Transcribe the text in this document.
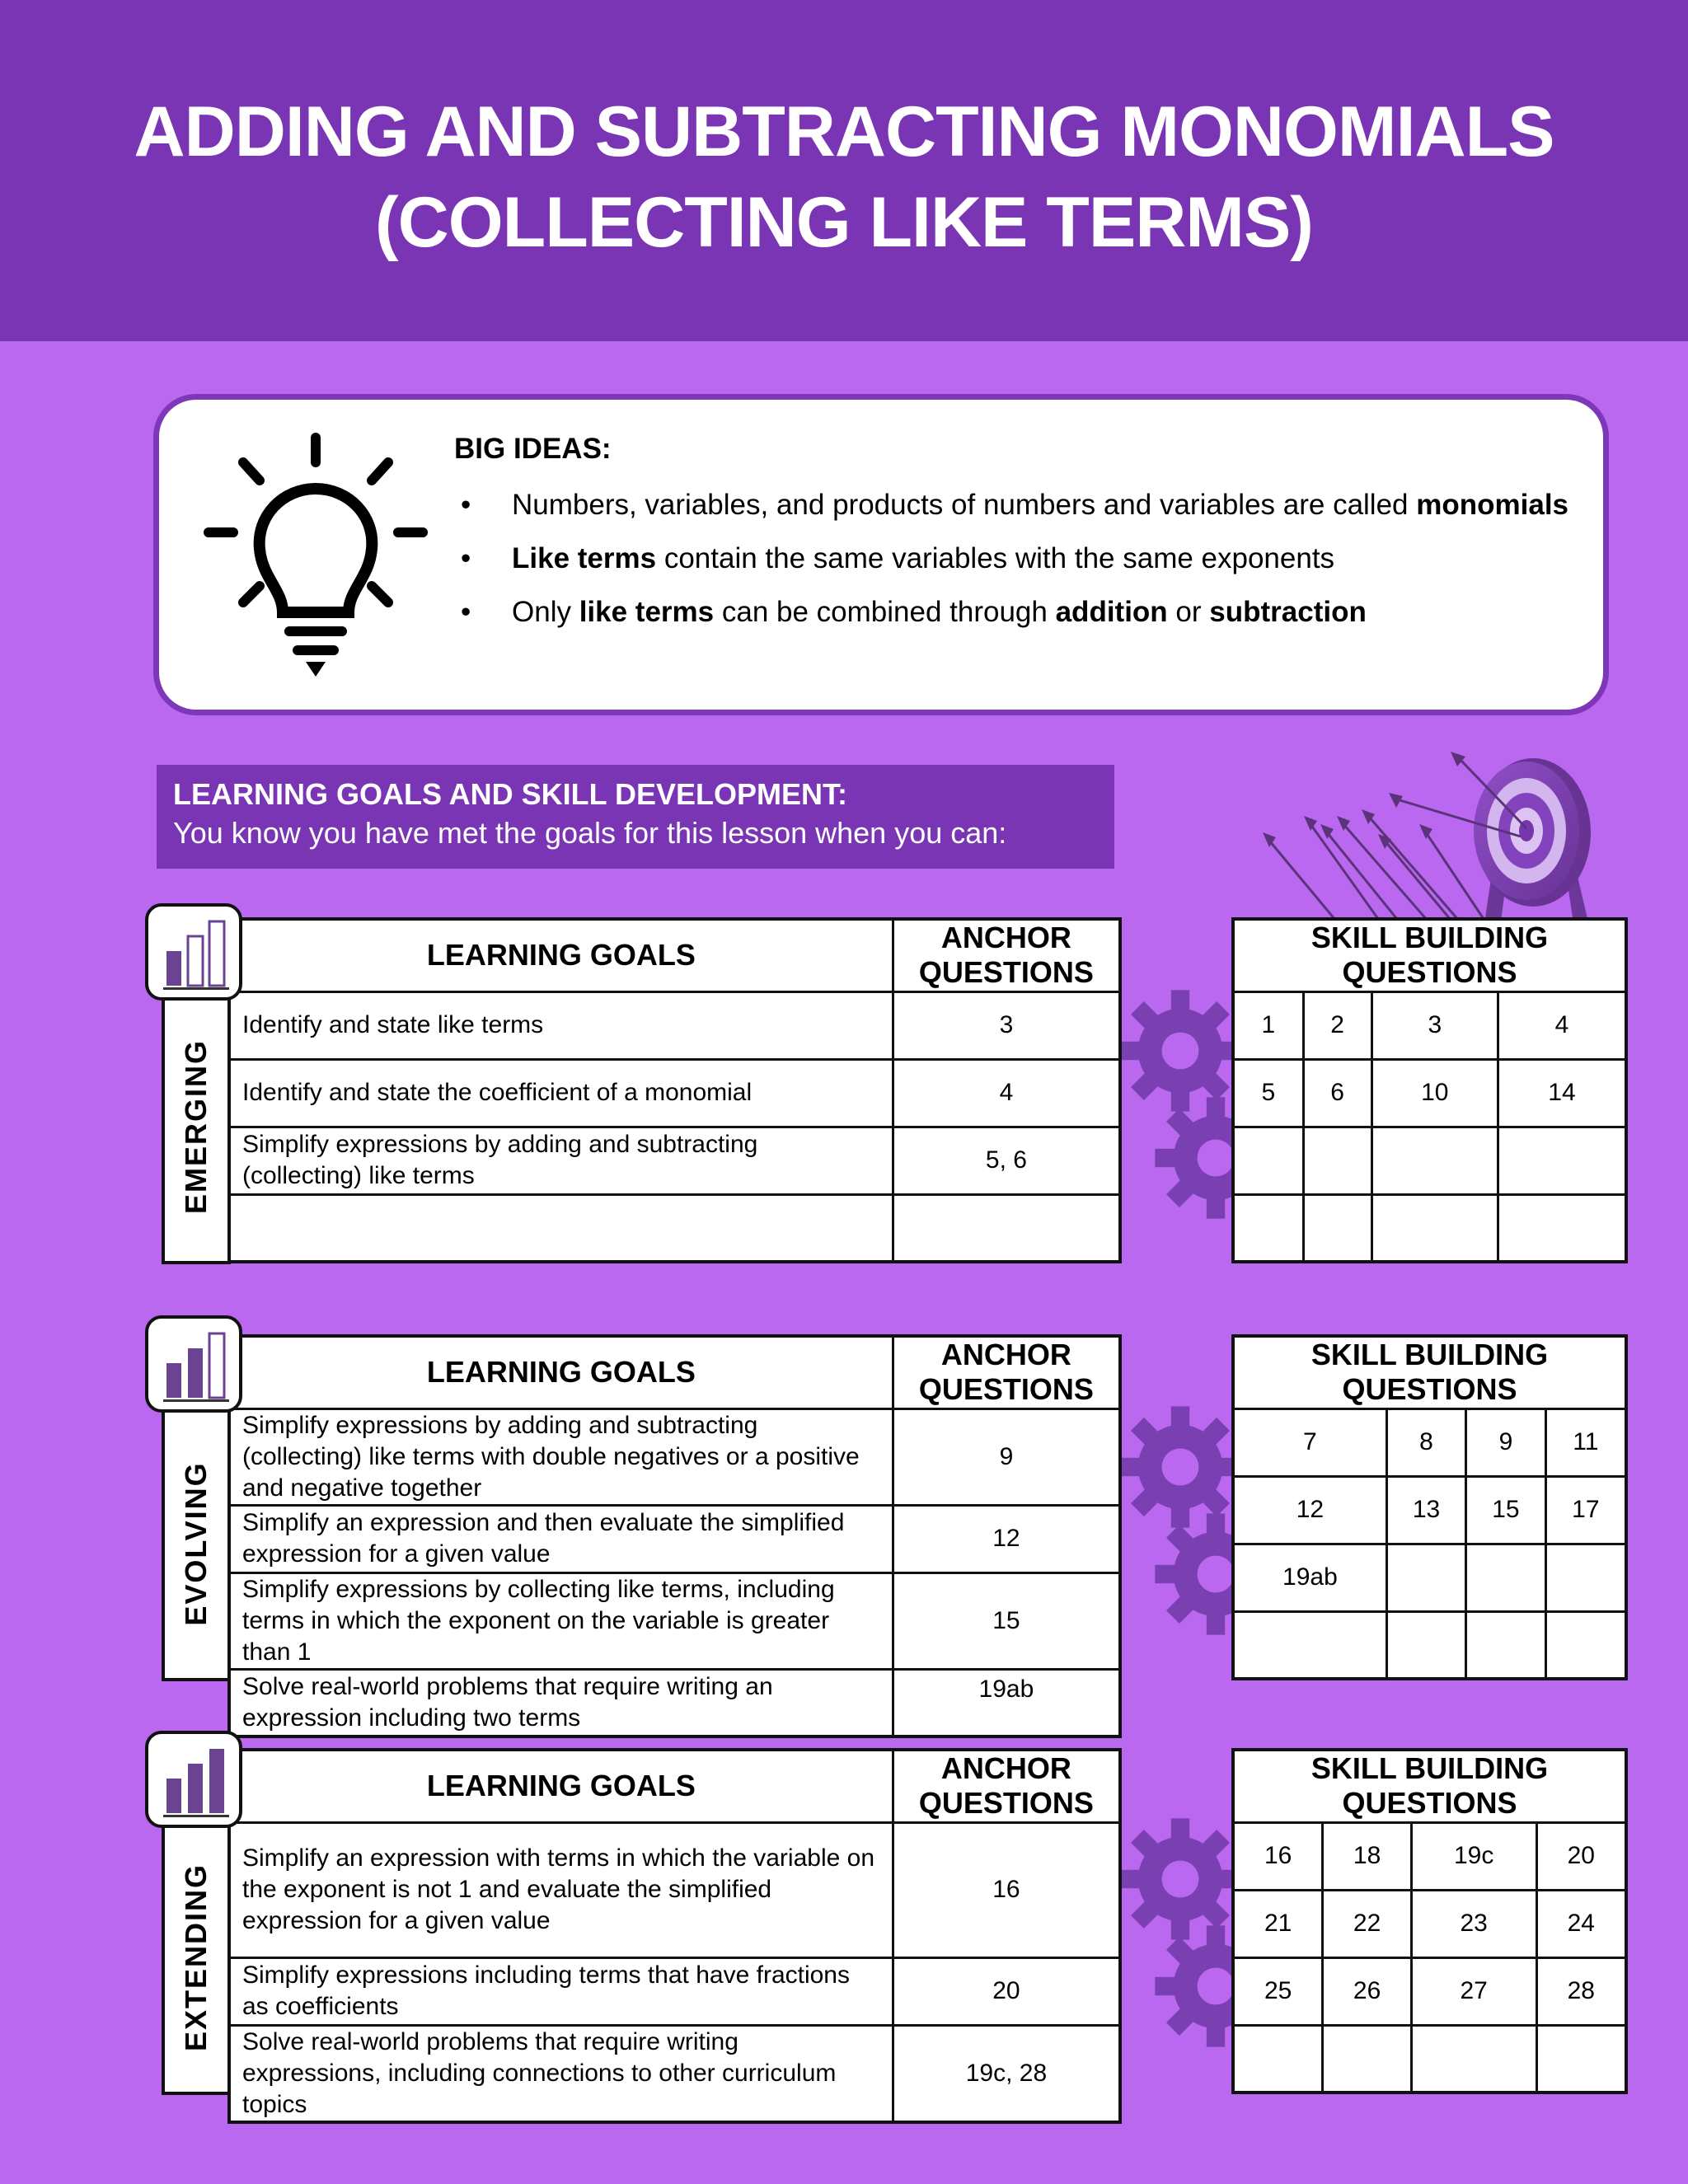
ADDING AND SUBTRACTING MONOMIALS
(COLLECTING LIKE TERMS)
BIG IDEAS:
• Numbers, variables, and products of numbers and variables are called monomials
• Like terms contain the same variables with the same exponents
• Only like terms can be combined through addition or subtraction
LEARNING GOALS AND SKILL DEVELOPMENT:
You know you have met the goals for this lesson when you can:
EMERGING
LEARNING GOALS	ANCHOR
QUESTIONS

Identify and state like terms	3
Identify and state the coefficient of a monomial	4
Simplify expressions by adding and subtracting (collecting) like terms	5, 6

SKILL BUILDING
QUESTIONS			

1	2	3	4
5	6	10	14

EVOLVING
LEARNING GOALS	ANCHOR
QUESTIONS

Simplify expressions by adding and subtracting (collecting) like terms with double negatives or a positive and negative together	9
Simplify an expression and then evaluate the simplified expression for a given value	12
Simplify expressions by collecting like terms, including terms in which the exponent on the variable is greater than 1	15
Solve real-world problems that require writing an expression including two terms	19ab
SKILL BUILDING
QUESTIONS			

7	8	9	11
12	13	15	17
19ab			

EXTENDING
LEARNING GOALS	ANCHOR
QUESTIONS

Simplify an expression with terms in which the variable on the exponent is not 1 and evaluate the simplified expression for a given value	16
Simplify expressions including terms that have fractions as coefficients	20
Solve real-world problems that require writing expressions, including connections to other curriculum topics	19c, 28
SKILL BUILDING
QUESTIONS			

16	18	19c	20
21	22	23	24
25	26	27	28
